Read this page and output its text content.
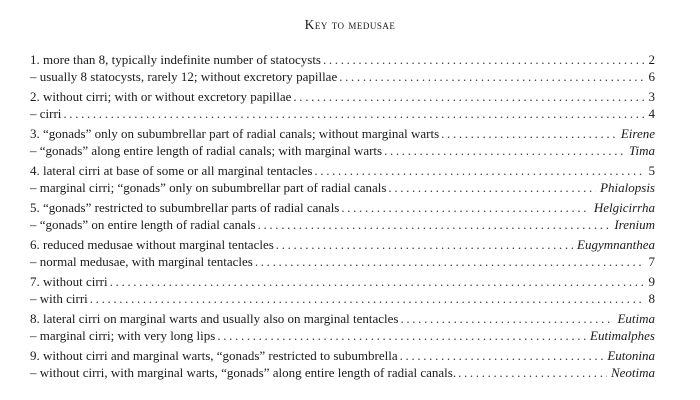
Key to medusae
1. more than 8, typically indefinite number of statocysts . . .	2
– usually 8 statocysts, rarely 12; without excretory papillae . . .	6
2. without cirri; with or without excretory papillae . . .	3
– cirri . . .	4
3. “gonads” only on subumbrellar part of radial canals; without marginal warts . . .	Eirene
– “gonads” along entire length of radial canals; with marginal warts . . .	Tima
4. lateral cirri at base of some or all marginal tentacles . . .	5
– marginal cirri; “gonads” only on subumbrellar part of radial canals . . .	Phialopsis
5. “gonads” restricted to subumbrellar parts of radial canals . . .	Helgicirrha
– “gonads” on entire length of radial canals . . .	Irenium
6. reduced medusae without marginal tentacles . . .	Eugymnanthea
– normal medusae, with marginal tentacles . . .	7
7. without cirri . . .	9
– with cirri . . .	8
8. lateral cirri on marginal warts and usually also on marginal tentacles . . .	Eutima
– marginal cirri; with very long lips . . .	Eutimalphes
9. without cirri and marginal warts, “gonads” restricted to subumbrella . . .	Eutonina
– without cirri, with marginal warts, “gonads” along entire length of radial canals. . . .	Neotima
